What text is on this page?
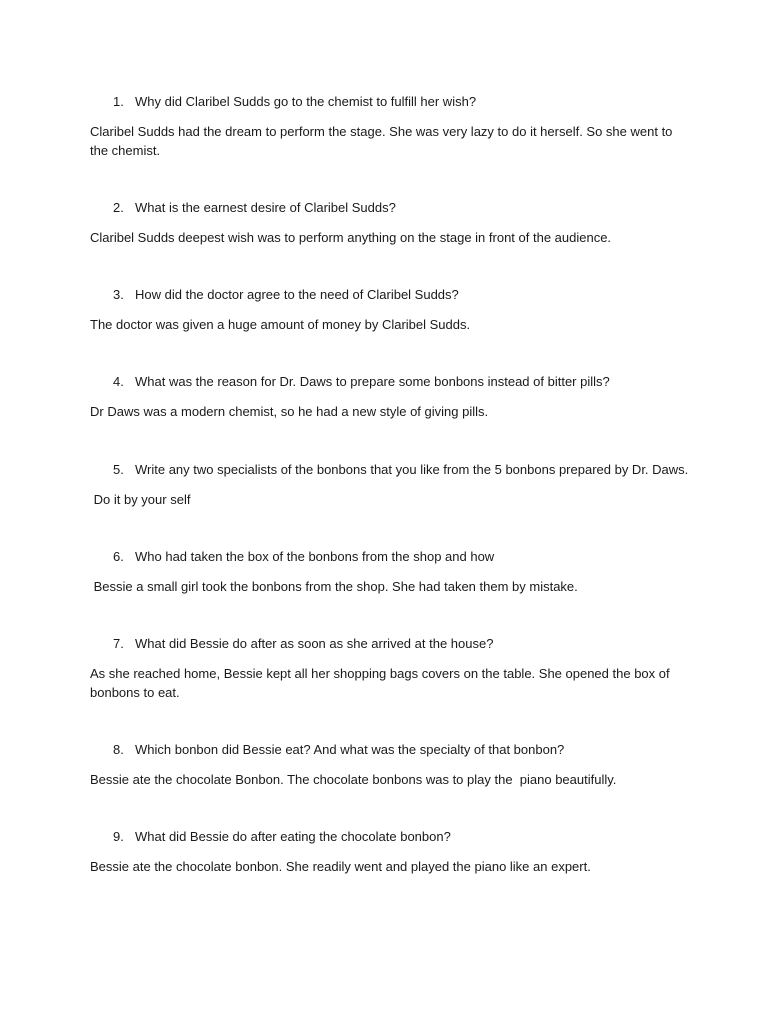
1. Why did Claribel Sudds go to the chemist to fulfill her wish?

Claribel Sudds had the dream to perform the stage. She was very lazy to do it herself. So she went to the chemist.

2. What is the earnest desire of Claribel Sudds?

Claribel Sudds deepest wish was to perform anything on the stage in front of the audience.

3. How did the doctor agree to the need of Claribel Sudds?

The doctor was given a huge amount of money by Claribel Sudds.

4. What was the reason for Dr. Daws to prepare some bonbons instead of bitter pills?

Dr Daws was a modern chemist, so he had a new style of giving pills.

5. Write any two specialists of the bonbons that you like from the 5 bonbons prepared by Dr. Daws.

Do it by your self

6. Who had taken the box of the bonbons from the shop and how

Bessie a small girl took the bonbons from the shop. She had taken them by mistake.

7. What did Bessie do after as soon as she arrived at the house?

As she reached home, Bessie kept all her shopping bags covers on the table. She opened the box of bonbons to eat.

8. Which bonbon did Bessie eat? And what was the specialty of that bonbon?

Bessie ate the chocolate Bonbon. The chocolate bonbons was to play the  piano beautifully.

9. What did Bessie do after eating the chocolate bonbon?

Bessie ate the chocolate bonbon. She readily went and played the piano like an expert.
